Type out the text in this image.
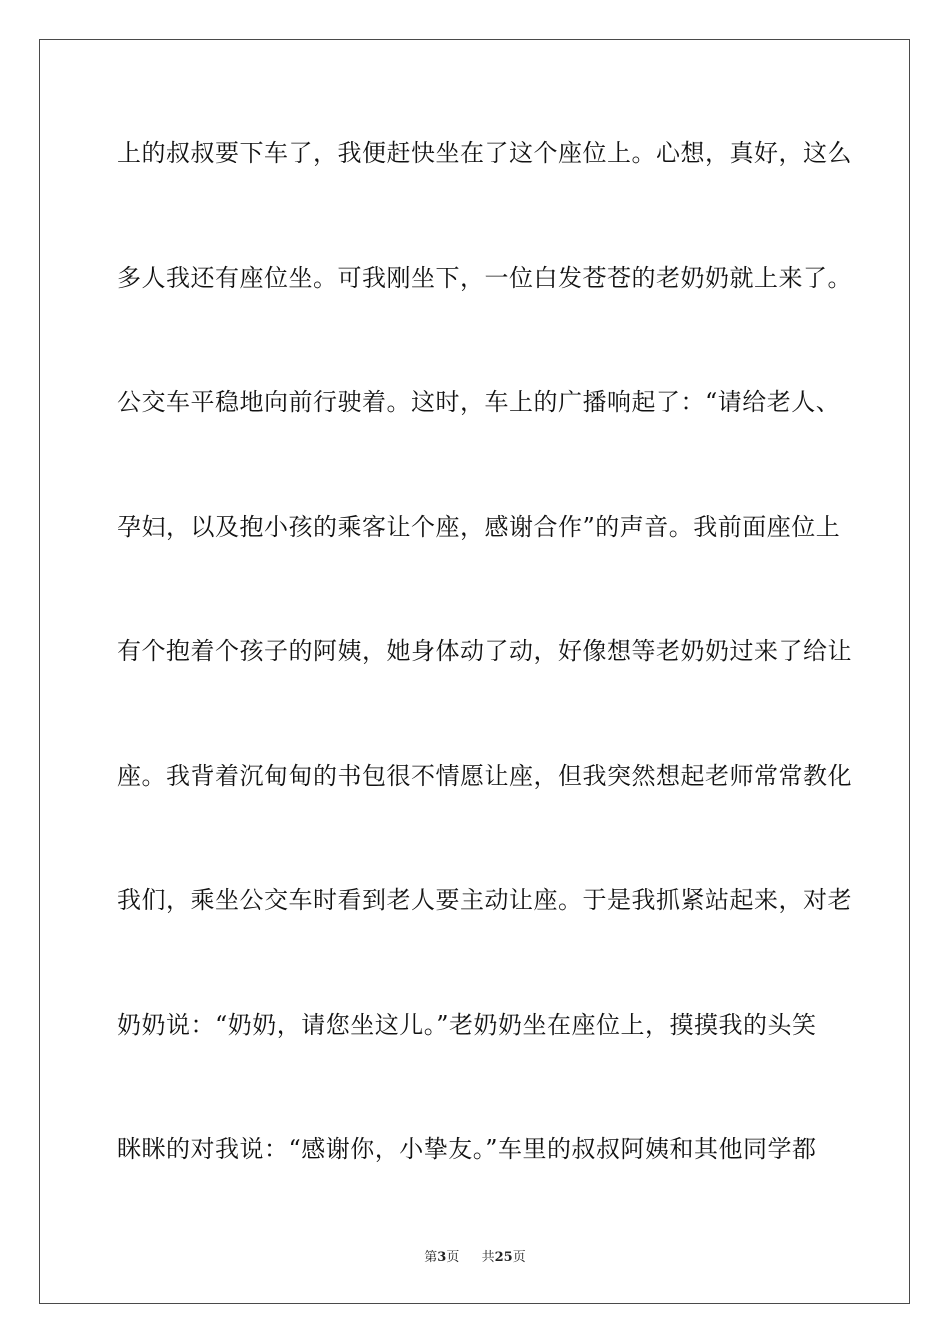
上的叔叔要下车了，我便赶快坐在了这个座位上。心想，真好，这么
多人我还有座位坐。可我刚坐下，一位白发苍苍的老奶奶就上来了。
公交车平稳地向前行驶着。这时，车上的广播响起了：“请给老人、
孕妇，以及抱小孩的乘客让个座，感谢合作”的声音。我前面座位上
有个抱着个孩子的阿姨，她身体动了动，好像想等老奶奶过来了给让
座。我背着沉甸甸的书包很不情愿让座，但我突然想起老师常常教化
我们，乘坐公交车时看到老人要主动让座。于是我抓紧站起来，对老
奶奶说：“奶奶，请您坐这儿。”老奶奶坐在座位上，摸摸我的头笑
眯眯的对我说：“感谢你，小挚友。”车里的叔叔阿姨和其他同学都
第3页 共25页
